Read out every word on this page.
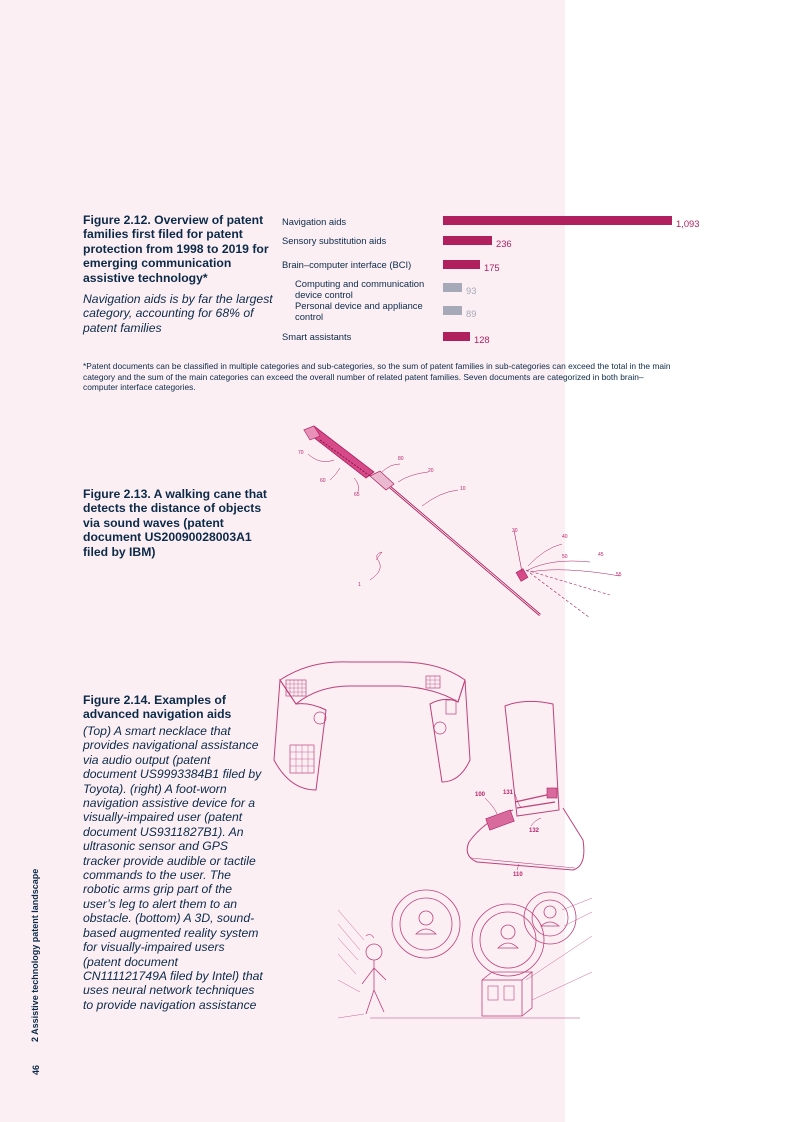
Figure 2.12. Overview of patent families first filed for patent protection from 1998 to 2019 for emerging communication assistive technology*
Navigation aids is by far the largest category, accounting for 68% of patent families
Navigation aids
Sensory substitution aids
Brain–computer interface (BCI)
Computing and communication device control
Personal device and appliance control
Smart assistants
1,093
236
175
93
89
128
*Patent documents can be classified in multiple categories and sub-categories, so the sum of patent families in sub-categories can exceed the total in the main category and the sum of the main categories can exceed the overall number of related patent families. Seven documents are categorized in both brain–computer interface categories.
Figure 2.13. A walking cane that detects the distance of objects via sound waves (patent document US20090028003A1 filed by IBM)
70
80
20
60
65
10
30
40
50	45
55
1
Figure 2.14. Examples of advanced navigation aids
(Top) A smart necklace that provides navigational assistance via audio output (patent document US9993384B1 filed by Toyota). (right) A foot-worn navigation assistive device for a visually-impaired user (patent document US9311827B1). An ultrasonic sensor and GPS tracker provide audible or tactile commands to the user. The robotic arms grip part of the user’s leg to alert them to an obstacle. (bottom) A 3D, sound-based augmented reality system for visually-impaired users (patent document CN111121749A filed by Intel) that uses neural network techniques to provide navigation assistance
100	131
132
110
2 Assistive technology patent landscape
46
